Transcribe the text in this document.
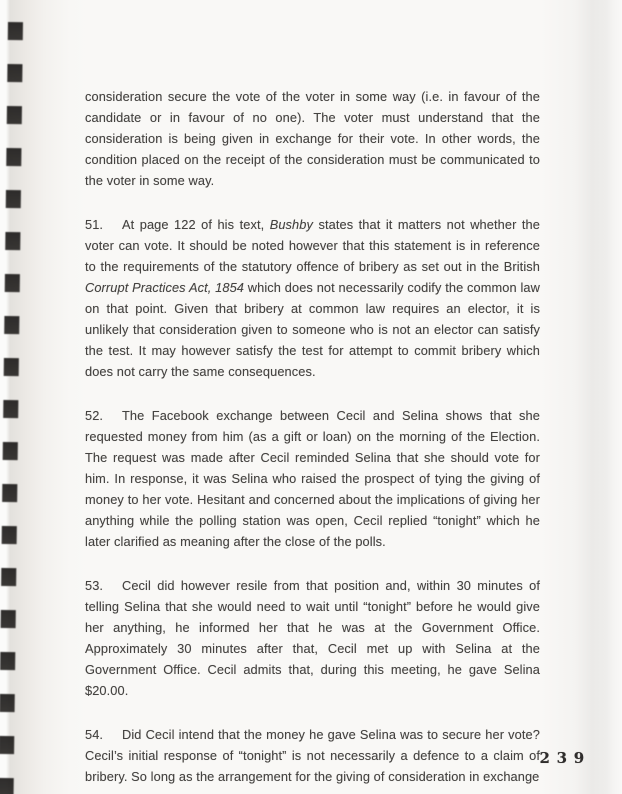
consideration secure the vote of the voter in some way (i.e. in favour of the candidate or in favour of no one). The voter must understand that the consideration is being given in exchange for their vote. In other words, the condition placed on the receipt of the consideration must be communicated to the voter in some way.

51. At page 122 of his text, Bushby states that it matters not whether the voter can vote. It should be noted however that this statement is in reference to the requirements of the statutory offence of bribery as set out in the British Corrupt Practices Act, 1854 which does not necessarily codify the common law on that point. Given that bribery at common law requires an elector, it is unlikely that consideration given to someone who is not an elector can satisfy the test. It may however satisfy the test for attempt to commit bribery which does not carry the same consequences.

52. The Facebook exchange between Cecil and Selina shows that she requested money from him (as a gift or loan) on the morning of the Election. The request was made after Cecil reminded Selina that she should vote for him. In response, it was Selina who raised the prospect of tying the giving of money to her vote. Hesitant and concerned about the implications of giving her anything while the polling station was open, Cecil replied “tonight” which he later clarified as meaning after the close of the polls.

53. Cecil did however resile from that position and, within 30 minutes of telling Selina that she would need to wait until “tonight” before he would give her anything, he informed her that he was at the Government Office. Approximately 30 minutes after that, Cecil met up with Selina at the Government Office. Cecil admits that, during this meeting, he gave Selina $20.00.

54. Did Cecil intend that the money he gave Selina was to secure her vote? Cecil’s initial response of “tonight” is not necessarily a defence to a claim of bribery. So long as the arrangement for the giving of consideration in exchange

239
